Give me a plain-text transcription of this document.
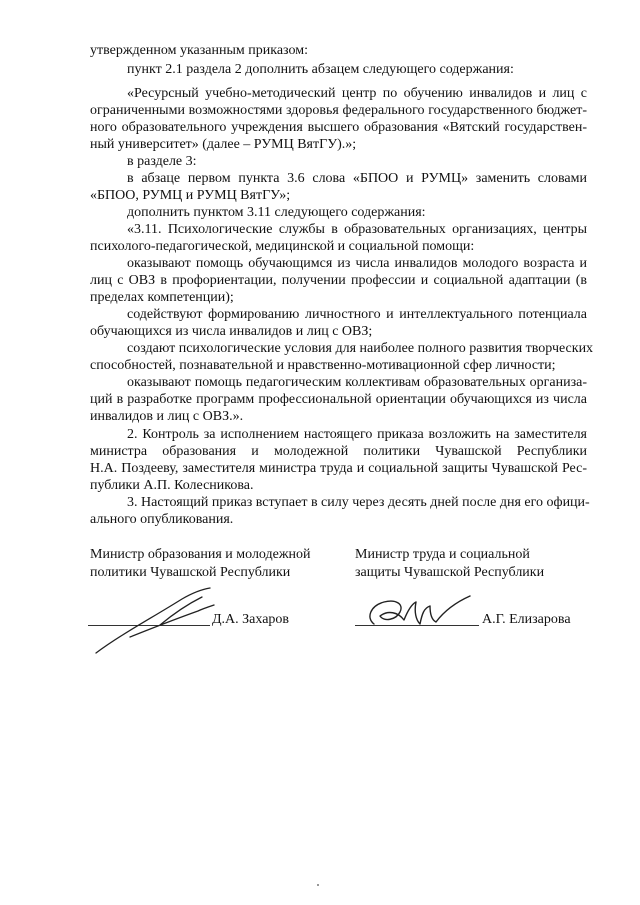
утвержденном указанным приказом:
пункт 2.1 раздела 2 дополнить абзацем следующего содержания:
«Ресурсный учебно-методический центр по обучению инвалидов и лиц с
ограниченными возможностями здоровья федерального государственного бюджет-
ного образовательного учреждения высшего образования «Вятский государствен-
ный университет» (далее – РУМЦ ВятГУ).»;
в разделе 3:
в абзаце первом пункта 3.6 слова «БПОО и РУМЦ» заменить словами
«БПОО, РУМЦ и РУМЦ ВятГУ»;
дополнить пунктом 3.11 следующего содержания:
«3.11. Психологические службы в образовательных организациях, центры
психолого-педагогической, медицинской и социальной помощи:
оказывают помощь обучающимся из числа инвалидов молодого возраста и
лиц с ОВЗ в профориентации, получении профессии и социальной адаптации (в
пределах компетенции);
содействуют формированию личностного и интеллектуального потенциала
обучающихся из числа инвалидов и лиц с ОВЗ;
создают психологические условия для наиболее полного развития творческих
способностей, познавательной и нравственно-мотивационной сфер личности;
оказывают помощь педагогическим коллективам образовательных организа-
ций в разработке программ профессиональной ориентации обучающихся из числа
инвалидов и лиц с ОВЗ.».
2. Контроль за исполнением настоящего приказа возложить на заместителя
министра образования и молодежной политики Чувашской Республики
Н.А. Поздееву, заместителя министра труда и социальной защиты Чувашской Рес-
публики А.П. Колесникова.
3. Настоящий приказ вступает в силу через десять дней после дня его офици-
ального опубликования.
Министр образования и молодежной
политики Чувашской Республики
Д.А. Захаров
Министр труда и социальной
защиты Чувашской Республики
А.Г. Елизарова
